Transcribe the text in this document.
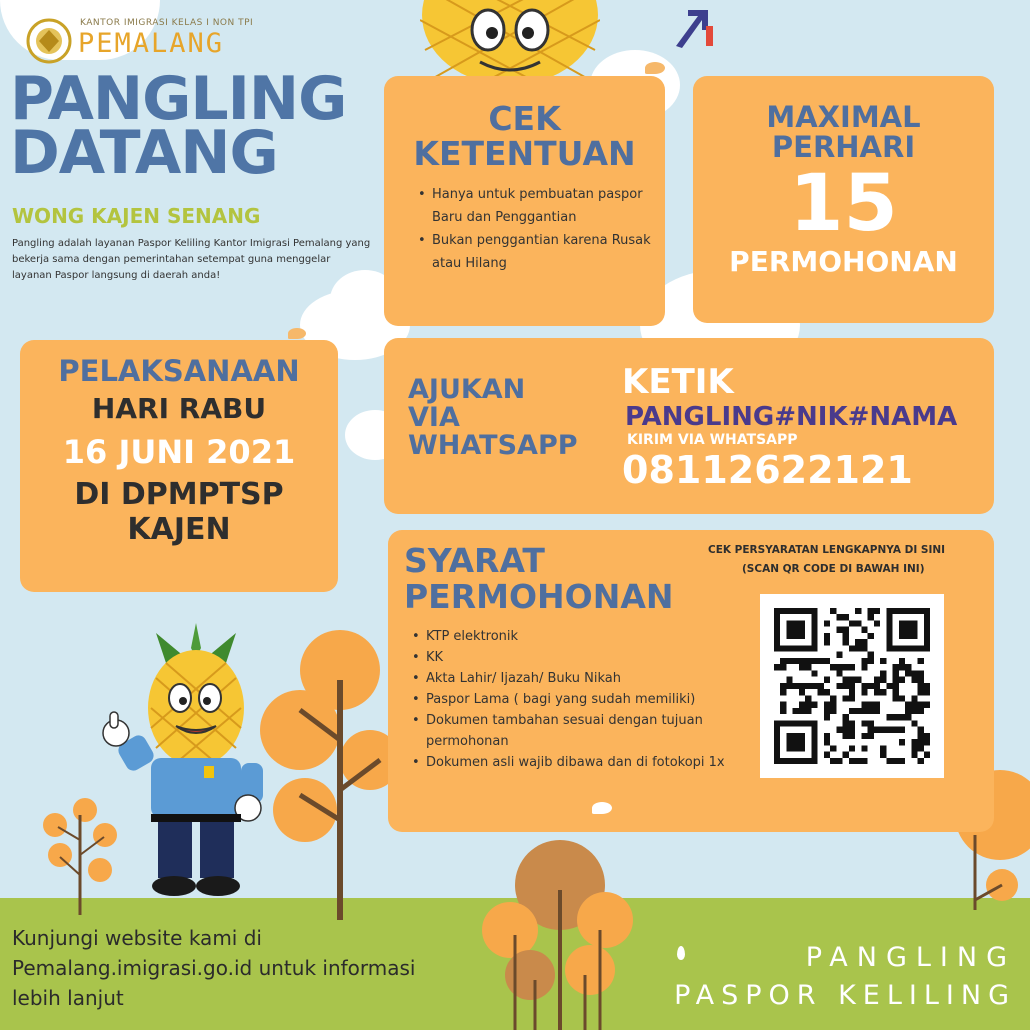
KANTOR IMIGRASI KELAS I NON TPI
PEMALANG
PANGLING
DATANG
WONG KAJEN SENANG
Pangling adalah layanan Paspor Keliling Kantor Imigrasi Pemalang yang bekerja sama dengan pemerintahan setempat guna menggelar layanan Paspor langsung di daerah anda!
CEK
KETENTUAN
• Hanya untuk pembuatan paspor Baru dan Penggantian
• Bukan penggantian karena Rusak atau Hilang
MAXIMAL
PERHARI
15
PERMOHONAN
PELAKSANAAN
HARI RABU
16 JUNI 2021
DI DPMPTSP
KAJEN
AJUKAN
VIA
WHATSAPP
KETIK
PANGLING#NIK#NAMA
KIRIM VIA WHATSAPP
08112622121
SYARAT
PERMOHONAN
CEK PERSYARATAN LENGKAPNYA DI SINI
(SCAN QR CODE DI BAWAH INI)
• KTP elektronik
• KK
• Akta Lahir/ Ijazah/ Buku Nikah
• Paspor Lama ( bagi yang sudah memiliki)
• Dokumen tambahan sesuai dengan tujuan permohonan
• Dokumen asli wajib dibawa dan di fotokopi 1x
Kunjungi website kami di
Pemalang.imigrasi.go.id untuk informasi
lebih lanjut
PANGLING
PASPOR KELILING
